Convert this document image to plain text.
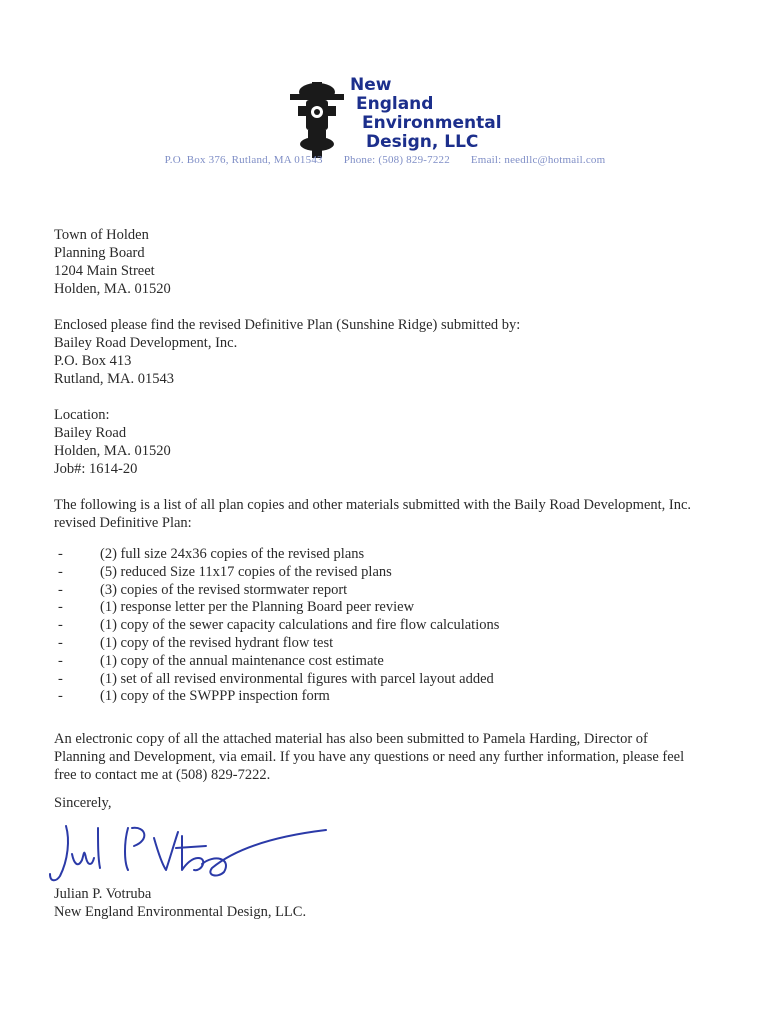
New
England
Environmental
Design, LLC
P.O. Box 376, Rutland, MA 01543 Phone: (508) 829-7222 Email: needllc@hotmail.com
Town of Holden
Planning Board
1204 Main Street
Holden, MA. 01520
Enclosed please find the revised Definitive Plan (Sunshine Ridge) submitted by:
Bailey Road Development, Inc.
P.O. Box 413
Rutland, MA. 01543
Location:
Bailey Road
Holden, MA. 01520
Job#: 1614-20
The following is a list of all plan copies and other materials submitted with the Baily Road Development, Inc.
revised Definitive Plan:
-	(2) full size 24x36 copies of the revised plans
-	(5) reduced Size 11x17 copies of the revised plans
-	(3) copies of the revised stormwater report
-	(1) response letter per the Planning Board peer review
-	(1) copy of the sewer capacity calculations and fire flow calculations
-	(1) copy of the revised hydrant flow test
-	(1) copy of the annual maintenance cost estimate
-	(1) set of all revised environmental figures with parcel layout added
-	(1) copy of the SWPPP inspection form
An electronic copy of all the attached material has also been submitted to Pamela Harding, Director of
Planning and Development, via email. If you have any questions or need any further information, please feel
free to contact me at (508) 829-7222.
Sincerely,
Julian P. Votruba
New England Environmental Design, LLC.
